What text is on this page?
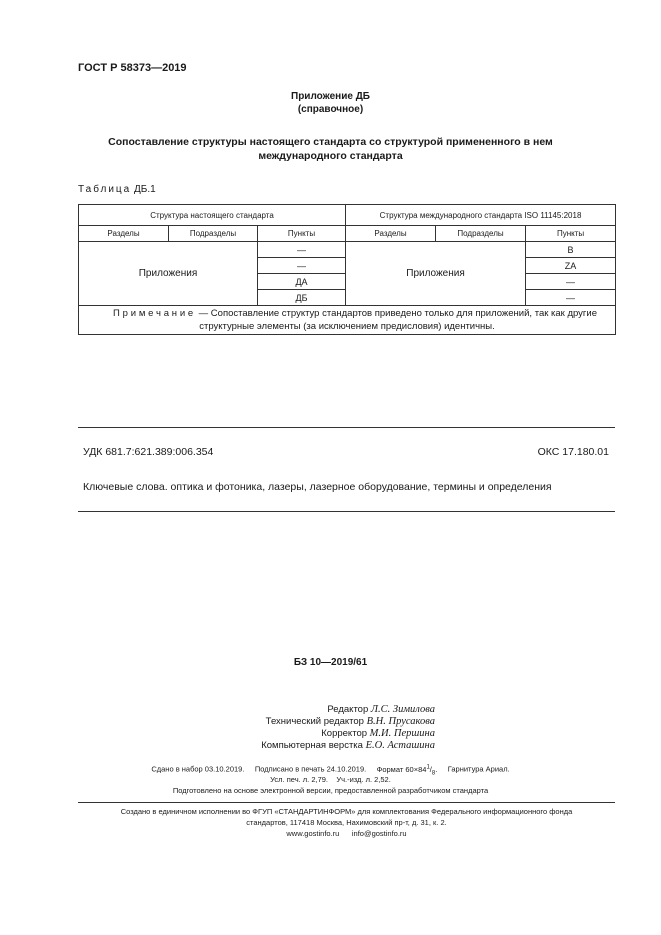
ГОСТ Р 58373—2019
Приложение ДБ
(справочное)
Сопоставление структуры настоящего стандарта со структурой примененного в нем
международного стандарта
Таблица ДБ.1
Структура настоящего стандарта			Структура международного стандарта ISO 11145:2018		
Разделы	Подразделы	Пункты	Разделы	Подразделы	Пункты
Приложения		—	Приложения		B
		—			ZA
		ДА			—
		ДБ			—

Примечание — Сопоставление структур стандартов приведено только для приложений, так как другие
структурные элементы (за исключением предисловия) идентичны.					
УДК 681.7:621.389:006.354	ОКС 17.180.01
Ключевые слова. оптика и фотоника, лазеры, лазерное оборудование, термины и определения
БЗ 10—2019/61
Редактор Л.С. Зимилова
Технический редактор В.Н. Прусакова
Корректор М.И. Першина
Компьютерная верстка Е.О. Асташина
Сдано в набор 03.10.2019. Подписано в печать 24.10.2019. Формат $60\times 84^1/_8$. Гарнитура Ариал.
Усл. печ. л. 2,79.    Уч.-изд. л. 2,52.
Подготовлено на основе электронной версии, предоставленной разработчиком стандарта
Создано в единичном исполнении во ФГУП «СТАНДАРТИНФОРМ» для комплектования Федерального информационного фонда
стандартов, 117418 Москва, Нахимовский пр-т, д. 31, к. 2.
www.gostinfo.ru info@gostinfo.ru
